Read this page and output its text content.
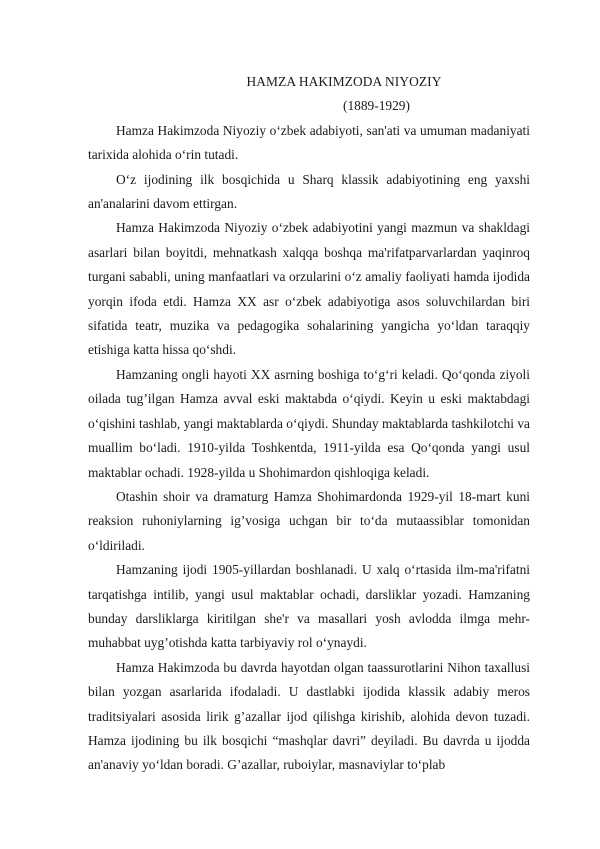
HAMZA HAKIMZODA NIYOZIY

(1889-1929)

Hamza Hakimzoda Niyoziy o‘zbek adabiyoti, san'ati va umuman madaniyati tarixida alohida o‘rin tutadi.

O‘z ijodining ilk bosqichida u Sharq klassik adabiyotining eng yaxshi an'analarini davom ettirgan.

Hamza Hakimzoda Niyoziy o‘zbek adabiyotini yangi mazmun va shakldagi asarlari bilan boyitdi, mehnatkash xalqqa boshqa ma'rifatparvarlardan yaqinroq turgani sababli, uning manfaatlari va orzularini o‘z amaliy faoliyati hamda ijodida yorqin ifoda etdi. Hamza XX asr o‘zbek adabiyotiga asos soluvchilardan biri sifatida teatr, muzika va pedagogika sohalarining yangicha yo‘ldan taraqqiy etishiga katta hissa qo‘shdi.

Hamzaning ongli hayoti XX asrning boshiga to‘g‘ri keladi. Qo‘qonda ziyoli oilada tug’ilgan Hamza avval eski maktabda o‘qiydi. Keyin u eski maktabdagi o‘qishini tashlab, yangi maktablarda o‘qiydi. Shunday maktablarda tashkilotchi va muallim bo‘ladi. 1910-yilda Toshkentda, 1911-yilda esa Qo‘qonda yangi usul maktablar ochadi. 1928-yilda u Shohimardon qishloqiga keladi.

Otashin shoir va dramaturg Hamza Shohimardonda 1929-yil 18-mart kuni reaksion ruhoniylarning ig’vosiga uchgan bir to‘da mutaassiblar tomonidan o‘ldiriladi.

Hamzaning ijodi 1905-yillardan boshlanadi. U xalq o‘rtasida ilm-ma'rifatni tarqatishga intilib, yangi usul maktablar ochadi, darsliklar yozadi. Hamzaning bunday darsliklarga kiritilgan she'r va masallari yosh avlodda ilmga mehr-muhabbat uyg’otishda katta tarbiyaviy rol o‘ynaydi.

Hamza Hakimzoda bu davrda hayotdan olgan taassurotlarini Nihon taxallusi bilan yozgan asarlarida ifodaladi. U dastlabki ijodida klassik adabiy meros traditsiyalari asosida lirik g’azallar ijod qilishga kirishib, alohida devon tuzadi. Hamza ijodining bu ilk bosqichi “mashqlar davri” deyiladi. Bu davrda u ijodda an'anaviy yo‘ldan boradi. G’azallar, ruboiylar, masnaviylar to‘plab
